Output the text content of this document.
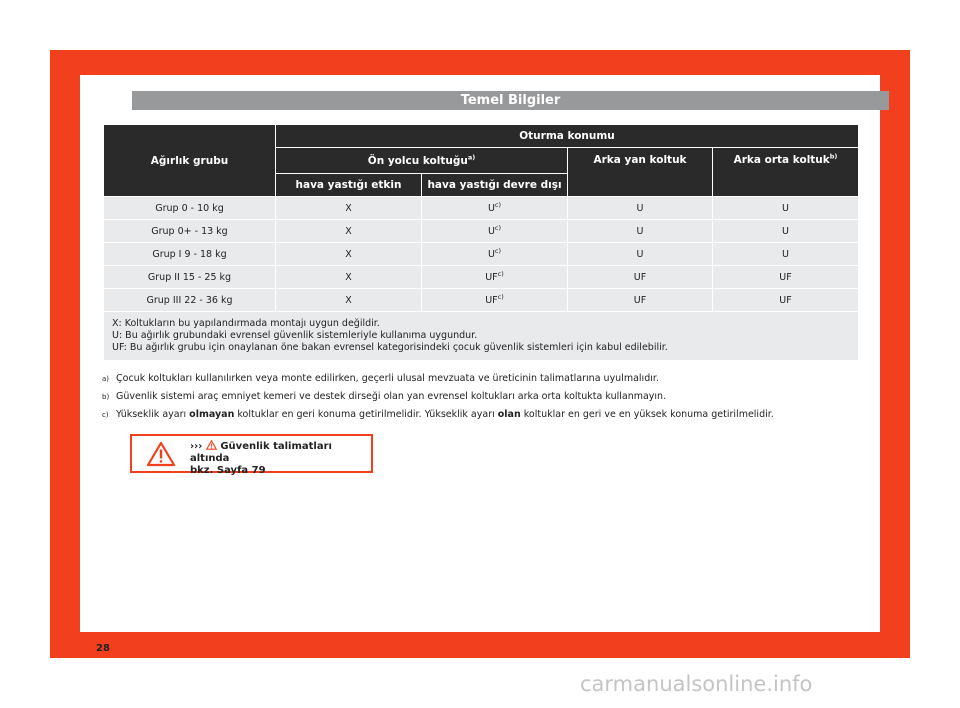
Temel Bilgiler
Ağırlık grubu	Oturma konumu			
	Ön yolcu koltuğu$^{a)}$		Arka yan koltuk	Arka orta koltuk$^{b)}$
	hava yastığı etkin	hava yastığı devre dışı		
Grup 0 - 10 kg	X	$U^{c)}$	U	U
Grup 0+ - 13 kg	X	$U^{c)}$	U	U
Grup I 9 - 18 kg	X	$U^{c)}$	U	U
Grup II 15 - 25 kg	X	UF$^{c)}$	UF	UF
Grup III 22 - 36 kg	X	UF$^{c)}$	UF	UF

X: Koltukların bu yapılandırmada montajı uygun değildir.
U: Bu ağırlık grubundaki evrensel güvenlik sistemleriyle kullanıma uygundur.
UF: Bu ağırlık grubu için onaylanan öne bakan evrensel kategorisindeki çocuk güvenlik sistemleri için kabul edilebilir.				
a) Çocuk koltukları kullanılırken veya monte edilirken, geçerli ulusal mevzuata ve üreticinin talimatlarına uyulmalıdır.
b) Güvenlik sistemi araç emniyet kemeri ve destek dirseği olan yan evrensel koltukları arka orta koltukta kullanmayın.
c) Yükseklik ayarı olmayan koltuklar en geri konuma getirilmelidir. Yükseklik ayarı olan koltuklar en geri ve en yüksek konuma getirilmelidir.
››› Güvenlik talimatları altında
bkz. Sayfa 79
28
carmanualsonline.info
